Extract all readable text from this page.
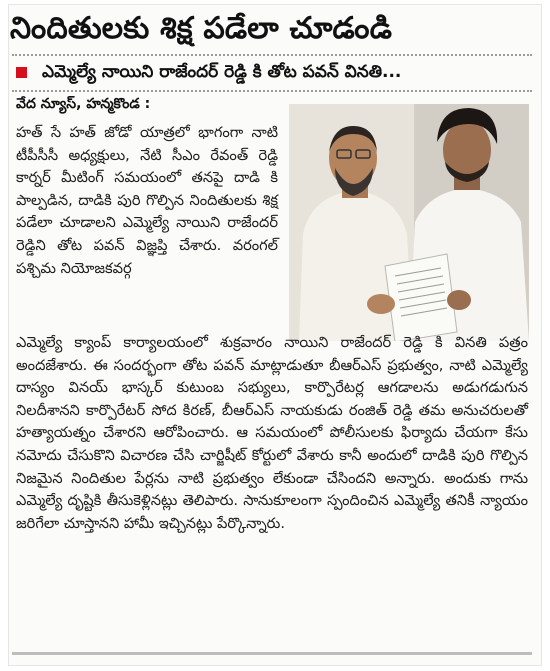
నిందితులకు శిక్ష పడేలా చూడండి
ఎమ్మెల్యే నాయిని రాజేందర్ రెడ్డి కి తోట పవన్ వినతి...
వేద న్యూస్, హన్మకొండ :

హత్ సే హత్ జోడో యాత్రలో భాగంగా నాటి టీపీసీసీ అధ్యక్షులు, నేటి సీఎం రేవంత్ రెడ్డి కార్నర్ మీటింగ్ సమయంలో తనపై దాడి కి పాల్పడిన, దాడికి పురి గొల్పిన నిందితులకు శిక్ష పడేలా చూడాలని ఎమ్మెల్యే నాయిని రాజేందర్ రెడ్డిని తోట పవన్ విజ్ఞప్తి చేశారు. వరంగల్ పశ్చిమ నియోజకవర్గ

ఎమ్మెల్యే క్యాంప్ కార్యాలయంలో శుక్రవారం నాయిని రాజేందర్ రెడ్డి కి వినతి పత్రం అందజేశారు. ఈ సందర్భంగా తోట పవన్ మాట్లాడుతూ బీఆర్ఎస్ ప్రభుత్వం, నాటి ఎమ్మెల్యే దాస్యం వినయ్ భాస్కర్ కుటుంబ సభ్యులు, కార్పొరేటర్ల ఆగడాలను అడుగడుగున నిలదీశానని కార్పొరేటర్ సోద కిరణ్, బీఆర్ఎస్ నాయకుడు రంజిత్ రెడ్డి తమ అనుచరులతో హత్యాయత్నం చేశారని ఆరోపించారు. ఆ సమయంలో పోలీసులకు ఫిర్యాదు చేయగా కేసు నమోదు చేసుకొని విచారణ చేసి చార్జిషీట్ కోర్టులో వేశారు కానీ అందులో దాడికి పురి గొల్పిన నిజమైన నిందితుల పేర్లను నాటి ప్రభుత్వం లేకుండా చేసిందని అన్నారు. అందుకు గాను ఎమ్మెల్యే దృష్టికి తీసుకెళ్లినట్లు తెలిపారు. సానుకూలంగా స్పందించిన ఎమ్మెల్యే తనికీ న్యాయం జరిగేలా చూస్తానని హామీ ఇచ్చినట్లు పేర్కొన్నారు.
